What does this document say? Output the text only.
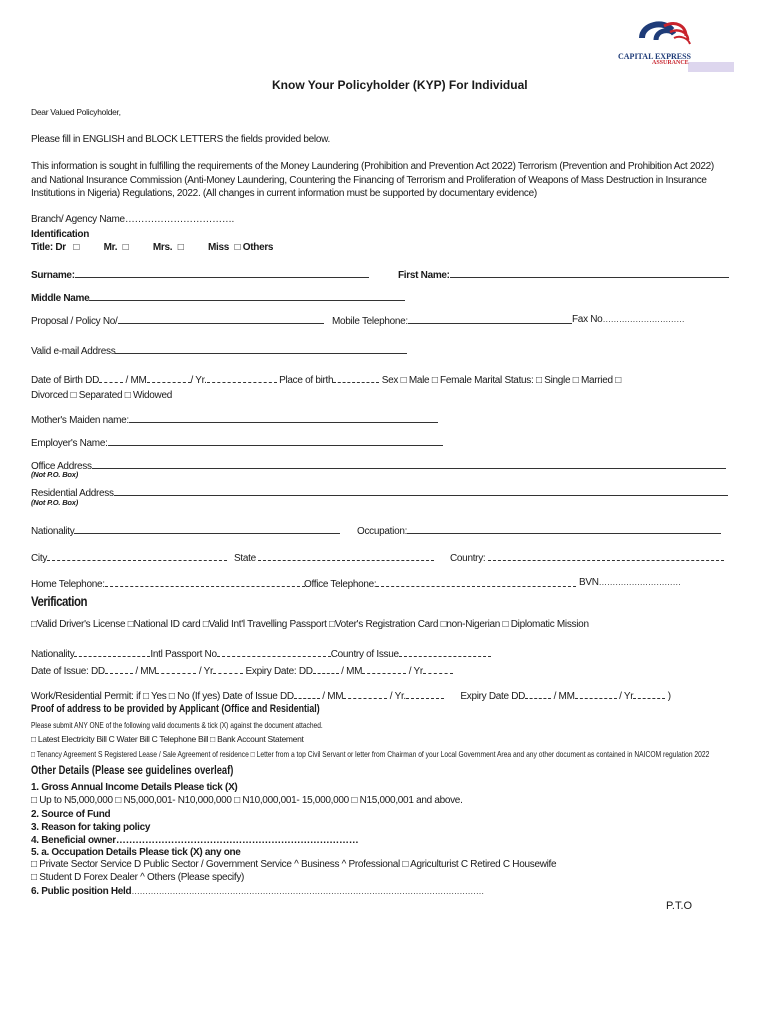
CAPITAL EXPRESS
ASSURANCE
Know Your Policyholder (KYP) For Individual
Dear Valued Policyholder,
Please fill in ENGLISH and BLOCK LETTERS the fields provided below.
This information is sought in fulfilling the requirements of the Money Laundering (Prohibition and Prevention Act 2022) Terrorism (Prevention and Prohibition Act 2022)
and National Insurance Commission (Anti-Money Laundering, Countering the Financing of Terrorism and Proliferation of Weapons of Mass Destruction in Insurance
Institutions in Nigeria) Regulations, 2022. (All changes in current information must be supported by documentary evidence)
Branch/ Agency Name…………………………….
Identification
Title: Dr □ Mr. □ Mrs. □ Miss □ Others
Surname:	First Name:
Middle Name
Proposal / Policy No/	Mobile Telephone:	Fax No…………………………
Valid e-mail Address
Date of Birth DD	/ MM	/ Yr.	Place of birth	Sex □ Male □ Female Marital Status: □ Single □ Married □
Divorced □ Separated □ Widowed
Mother's Maiden name:
Employer's Name:
Office Address
(Not P.O. Box)
Residential Address
(Not P.O. Box)
Nationality	Occupation:
City	State	Country:
Home Telephone:	Office Telephone:	BVN…………………………
Verification
□Valid Driver's License □National ID card □Valid Int'l Travelling Passport □Voter's Registration Card □non-Nigerian □ Diplomatic Mission
Nationality	Intl Passport No	Country of Issue
Date of Issue: DD	/ MM	/ Yr	Expiry Date: DD	/ MM	/ Yr
Work/Residential Permit: if □ Yes □ No (If yes) Date of Issue DD	/ MM	/ Yr.	Expiry Date DD	/ MM	/ Yr	)
Proof of address to be provided by Applicant (Office and Residential)
Please submit ANY ONE of the following valid documents & tick (X) against the document attached.
□ Latest Electricity Bill C Water Bill C Telephone Bill □ Bank Account Statement
□ Tenancy Agreement S Registered Lease / Sale Agreement of residence □ Letter from a top Civil Servant or letter from Chairman of your Local Government Area and any other document as contained in NAICOM regulation 2022
Other Details (Please see guidelines overleaf)
1. Gross Annual Income Details Please tick (X)
□ Up to N5,000,000 □ N5,000,001- N10,000,000 □ N10,000,001- 15,000,000 □ N15,000,001 and above.
2. Source of Fund
3. Reason for taking policy
4. Beneficial owner…………………………………………………………………
5. a. Occupation Details Please tick (X) any one
□ Private Sector Service D Public Sector / Government Service ^ Business ^ Professional □ Agriculturist C Retired C Housewife
□ Student D Forex Dealer ^ Others (Please specify)
6. Public position Held…………………………………………………………………………………………………………………
P.T.O
